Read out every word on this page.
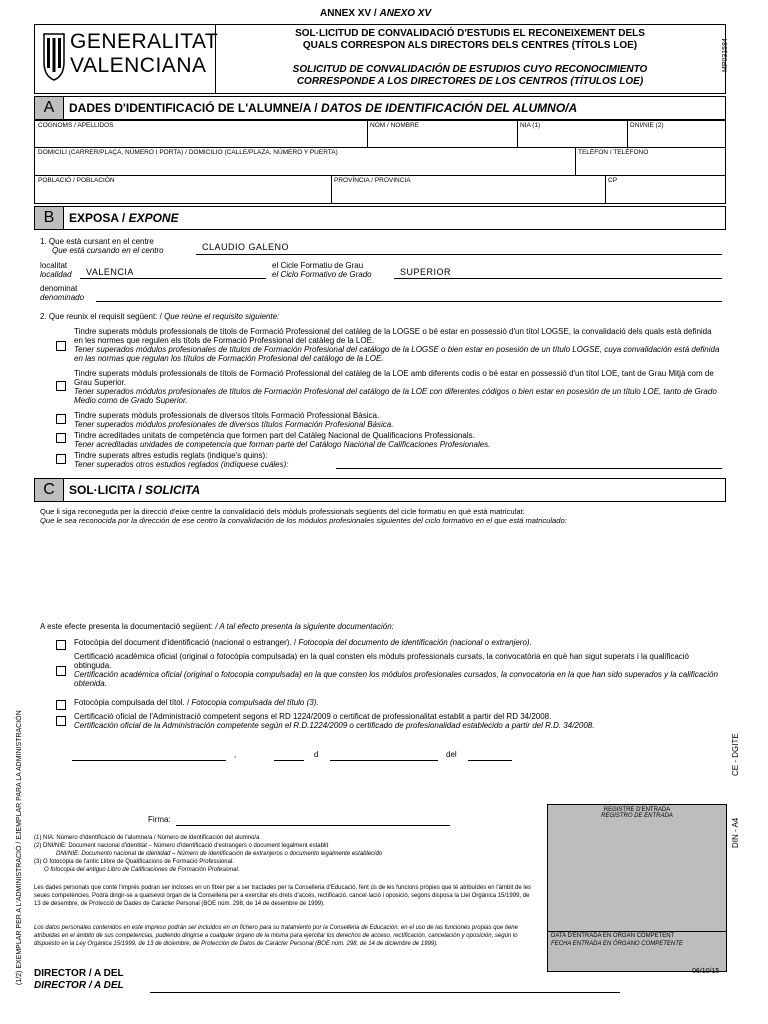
ANNEX XV / ANEXO XV
GENERALITAT
VALENCIANA
SOL·LICITUD DE CONVALIDACIÓ D'ESTUDIS EL RECONEIXEMENT DELS
QUALS CORRESPON ALS DIRECTORS DELS CENTRES (TÍTOLS LOE)
SOLICITUD DE CONVALIDACIÓN DE ESTUDIOS CUYO RECONOCIMIENTO
CORRESPONDE A LOS DIRECTORES DE LOS CENTROS (TÍTULOS LOE)
MP031584
A	DADES D'IDENTIFICACIÓ DE L'ALUMNE/A / DATOS DE IDENTIFICACIÓN DEL ALUMNO/A
COGNOMS / APELLIDOS	NOM / NOMBRE	NIA (1)	DNI/NIE (2)
DOMICILI (CARRER/PLAÇA, NÚMERO I PORTA) / DOMICILIO (CALLE/PLAZA, NÚMERO Y PUERTA)	TELÈFON / TELÉFONO
POBLACIÓ / POBLACIÓN	PROVÍNCIA / PROVINCIA	CP
B	EXPOSA / EXPONE
1. Que està cursant en el centre
Que está cursando en el centro	CLAUDIO GALENO
localitat
localidad VALENCIA
el Cicle Formatiu de Grau
el Ciclo Formativo de Grado	SUPERIOR
denominat
denominado
2. Que reunix el requisit següent: / Que reúne el requisito siguiente:
Tindre superats mòduls professionals de títols de Formació Professional del catàleg de la LOGSE o bé estar en possessió d'un títol LOGSE, la convalidació dels quals està definida en les normes que regulen els títols de Formació Professional del catàleg de la LOE.
Tener superados módulos profesionales de títulos de Formación Profesional del catálogo de la LOGSE o bien estar en posesión de un título LOGSE, cuya convalidación está definida en las normas que regulan los títulos de Formación Profesional del catálogo de la LOE.
Tindre superats mòduls professionals de títols de Formació Professional del catàleg de la LOE amb diferents codis o bé estar en possessió d'un títol LOE, tant de Grau Mitjà com de Grau Superior.
Tener superados módulos profesionales de títulos de Formación Profesional del catálogo de la LOE con diferentes códigos o bien estar en posesión de un título LOE, tanto de Grado Medio como de Grado Superior.
Tindre superats mòduls professionals de diversos títols Formació Professional Bàsica.
Tener superados módulos profesionales de diversos títulos Formación Profesional Básica.
Tindre acreditades unitats de competència que formen part del Catàleg Nacional de Qualificacions Professionals.
Tener acreditadas unidades de competencia que forman parte del Catálogo Nacional de Calificaciones Profesionales.
Tindre superats altres estudis reglats (indique's quins):
Tener superados otros estudios reglados (indíquese cuáles):
C	SOL·LICITA / SOLICITA
Que li siga reconeguda per la direcció d'eixe centre la convalidació dels mòduls professionals següents del cicle formatiu en què està matriculat:
Que le sea reconocida por la dirección de ese centro la convalidación de los módulos profesionales siguientes del ciclo formativo en el que está matriculado:
A este efecte presenta la documentació següent: / A tal efecto presenta la siguiente documentación:
Fotocòpia del document d'identificació (nacional o estranger). / Fotocopia del documento de identificación (nacional o extranjero).
Certificació acadèmica oficial (original o fotocòpia compulsada) en la qual consten els mòduls professionals cursats, la convocatòria en què han sigut superats i la qualificació obtinguda.
Certificación académica oficial (original o fotocopia compulsada) en la que consten los módulos profesionales cursados, la convocatoria en la que han sido superados y la calificación obtenida.
Fotocòpia compulsada del títol. / Fotocopia compulsada del título (3).
Certificació oficial de l'Administració competent segons el RD 1224/2009 o certificat de professionalitat establit a partir del RD 34/2008.
Certificación oficial de la Administración competente según el R.D.1224/2009 o certificado de profesionalidad establecido a partir del R.D. 34/2008.
,	d	del
Firma:
REGISTRE D'ENTRADA
REGISTRO DE ENTRADA
DATA D'ENTRADA EN ÒRGAN COMPETENT
FECHA ENTRADA EN ÓRGANO COMPETENTE
(1) NIA: Número d'identificació de l'alumne/a / Número de identificación del alumno/a
(2) DNI/NIE: Document nacional d'identitat – Número d'identificació d'estrangers o document legalment establit
DNI/NIE: Documento nacional de identidad – Número de identificación de extranjeros o documento legalmente establecido
(3) O fotocòpia de l'antic Llibre de Qualificacions de Formació Professional.
O fotocopia del antiguo Libro de Calificaciones de Formación Profesional.
Les dades personals que conté l'imprés podran ser incloses en un fitxer per a ser tractades per la Conselleria d'Educació, fent ús de les funcions pròpies que té atribuïdes en l'àmbit de les seues competències. Podrà dirigir-se a qualsevol òrgan de la Conselleria per a exercitar els drets d'accés, rectificació, cancel·lació i oposició, segons disposa la Llei Orgànica 15/1999, de 13 de desembre, de Protecció de Dades de Caràcter Personal (BOE núm. 298, de 14 de desembre de 1999).
Los datos personales contenidos en este impreso podrán ser incluidos en un fichero para su tratamiento por la Conselleria de Educación, en el uso de las funciones propias que tiene atribuidas en el ámbito de sus competencias, pudiendo dirigirse a cualquier órgano de la misma para ejercitar los derechos de acceso, rectificación, cancelación y oposición, según lo dispuesto en la Ley Orgánica 15/1999, de 13 de diciembre, de Protección de Datos de Carácter Personal (BOE núm. 298, de 14 de diciembre de 1999).
DIRECTOR / A DEL
DIRECTOR / A DEL
06/10/15
(1/2) EXEMPLAR PER A L'ADMINISTRACIÓ / EJEMPLAR PARA LA ADMINISTRACIÓN	CE - DGITE
DIN - A4
